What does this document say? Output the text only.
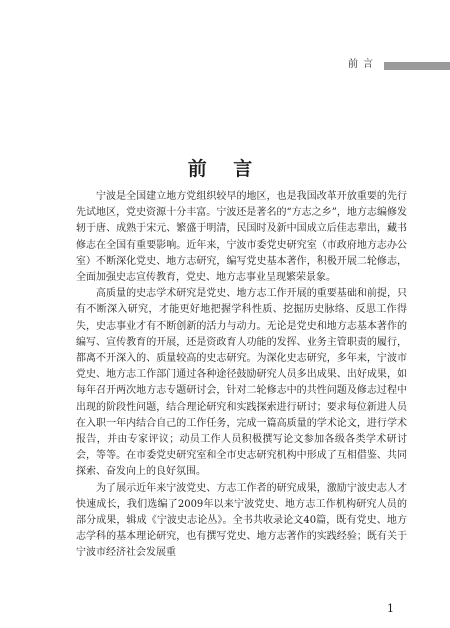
前言
前 言

宁波是全国建立地方党组织较早的地区，也是我国改革开放重要的先行先试地区，党史资源十分丰富。宁波还是著名的“方志之乡”，地方志编修发轫于唐、成熟于宋元、繁盛于明清，民国时及新中国成立后佳志辈出，藏书修志在全国有重要影响。近年来，宁波市委党史研究室（市政府地方志办公室）不断深化党史、地方志研究，编写党史基本著作，积极开展二轮修志，全面加强史志宣传教育，党史、地方志事业呈现繁荣景象。

高质量的史志学术研究是党史、地方志工作开展的重要基础和前提，只有不断深入研究，才能更好地把握学科性质、挖掘历史脉络、反思工作得失，史志事业才有不断创新的活力与动力。无论是党史和地方志基本著作的编写、宣传教育的开展，还是资政育人功能的发挥、业务主管职责的履行，都离不开深入的、质量较高的史志研究。为深化史志研究，多年来，宁波市党史、地方志工作部门通过各种途径鼓励研究人员多出成果、出好成果，如每年召开两次地方志专题研讨会，针对二轮修志中的共性问题及修志过程中出现的阶段性问题，结合理论研究和实践探索进行研讨；要求每位新进人员在入职一年内结合自己的工作任务，完成一篇高质量的学术论文，进行学术报告，并由专家评议；动员工作人员积极撰写论文参加各级各类学术研讨会，等等。在市委党史研究室和全市史志研究机构中形成了互相借鉴、共同探索、奋发向上的良好氛围。

为了展示近年来宁波党史、方志工作者的研究成果，激励宁波史志人才快速成长，我们选编了2009年以来宁波党史、地方志工作机构研究人员的部分成果，辑成《宁波史志论丛》。全书共收录论文40篇，既有党史、地方志学科的基本理论研究，也有撰写党史、地方志著作的实践经验；既有关于宁波市经济社会发展重

1
